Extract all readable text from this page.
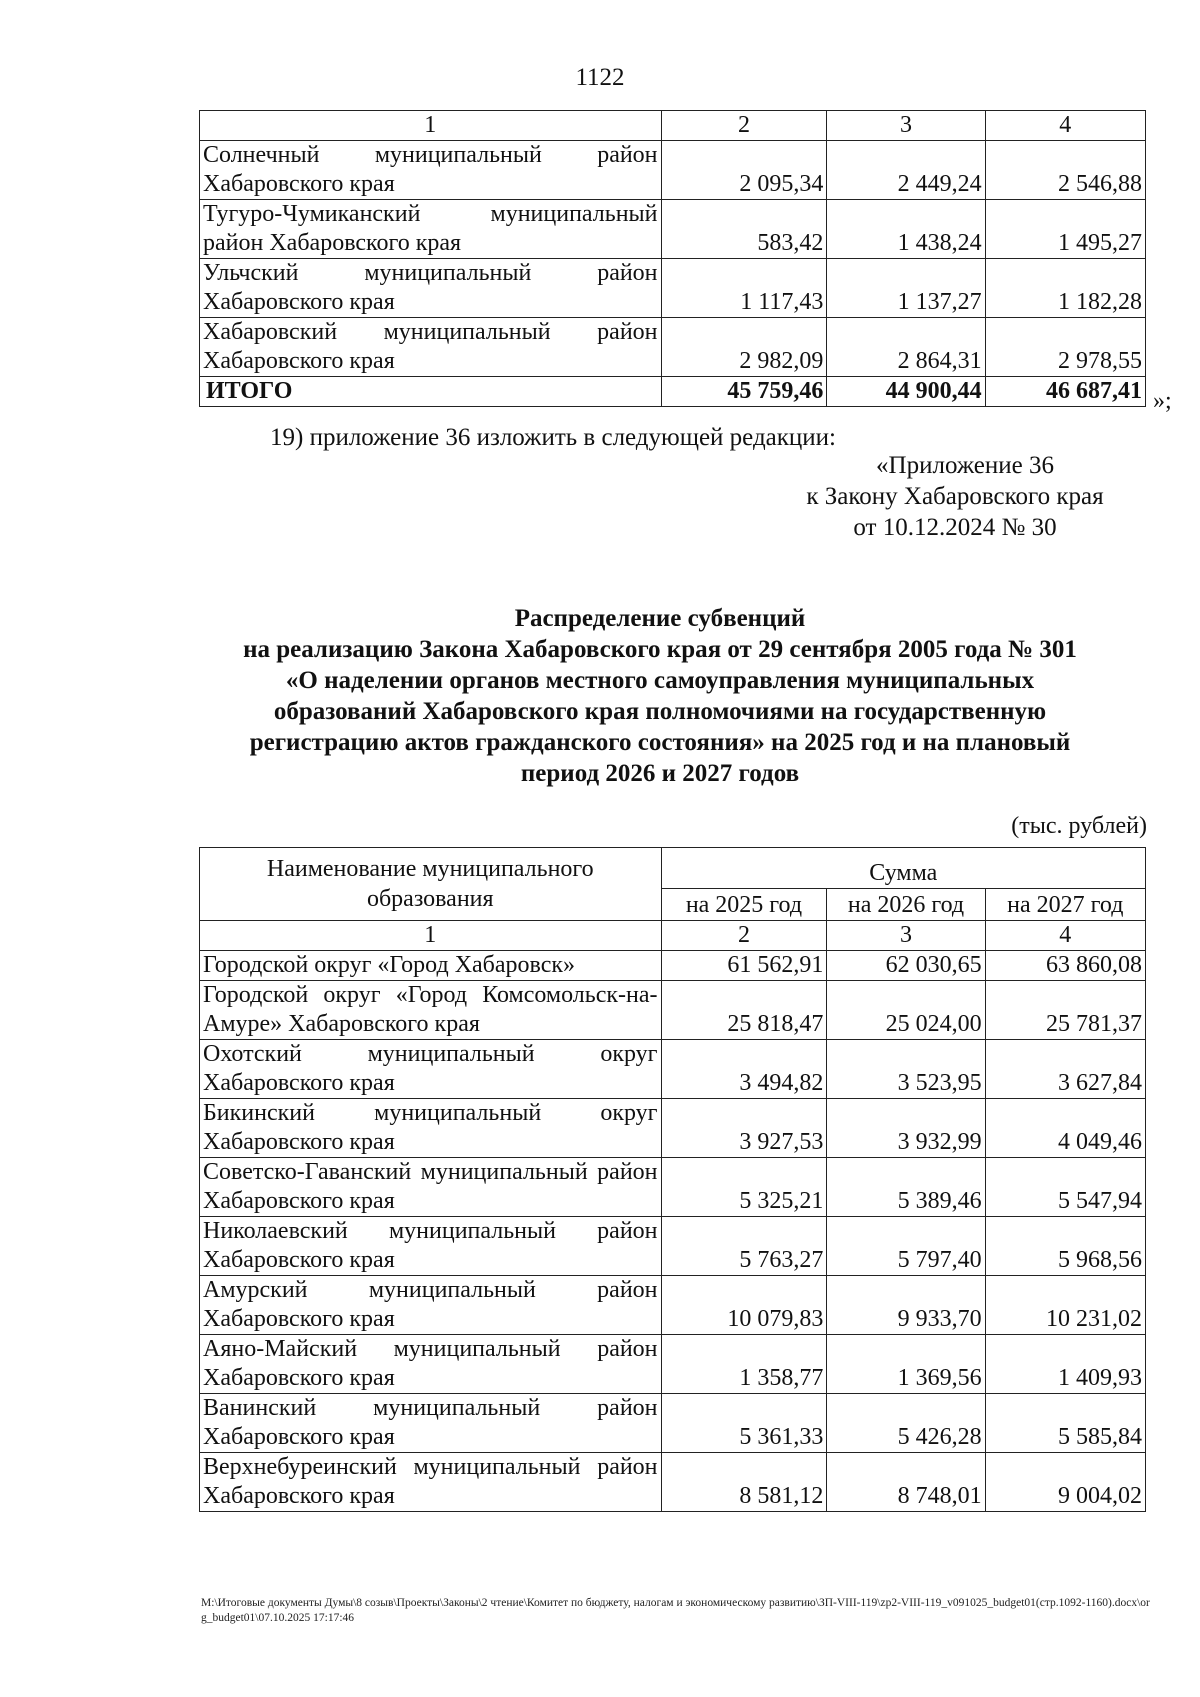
1122
1	2	3	4
Солнечный муниципальный район Хабаровского края	2 095,34	2 449,24	2 546,88
Тугуро-Чумиканский муниципальный район Хабаровского края	583,42	1 438,24	1 495,27
Ульчский муниципальный район Хабаровского края	1 117,43	1 137,27	1 182,28
Хабаровский муниципальный район Хабаровского края	2 982,09	2 864,31	2 978,55
ИТОГО	45 759,46	44 900,44	46 687,41 »;
19) приложение 36 изложить в следующей редакции:
«Приложение 36
к Закону Хабаровского края
от 10.12.2024 № 30
Распределение субвенций
на реализацию Закона Хабаровского края от 29 сентября 2005 года № 301
«О наделении органов местного самоуправления муниципальных
образований Хабаровского края полномочиями на государственную
регистрацию актов гражданского состояния» на 2025 год и на плановый
период 2026 и 2027 годов
(тыс. рублей)
Наименование муниципального образования	Сумма		
	на 2025 год	на 2026 год	на 2027 год
1	2	3	4
Городской округ «Город Хабаровск»	61 562,91	62 030,65	63 860,08
Городской округ «Город Комсомольск-на-Амуре» Хабаровского края	25 818,47	25 024,00	25 781,37
Охотский муниципальный округ Хабаровского края	3 494,82	3 523,95	3 627,84
Бикинский муниципальный округ Хабаровского края	3 927,53	3 932,99	4 049,46
Советско-Гаванский муниципальный район Хабаровского края	5 325,21	5 389,46	5 547,94
Николаевский муниципальный район Хабаровского края	5 763,27	5 797,40	5 968,56
Амурский муниципальный район Хабаровского края	10 079,83	9 933,70	10 231,02
Аяно-Майский муниципальный район Хабаровского края	1 358,77	1 369,56	1 409,93
Ванинский муниципальный район Хабаровского края	5 361,33	5 426,28	5 585,84
Верхнебуреинский муниципальный район Хабаровского края	8 581,12	8 748,01	9 004,02
M:\Итоговые документы Думы\8 созыв\Проекты\Законы\2 чтение\Комитет по бюджету, налогам и экономическому развитию\ЗП-VIII-119\zp2-VIII-119_v091025_budget01(стр.1092-1160).docx\org_budget01\07.10.2025 17:17:46
